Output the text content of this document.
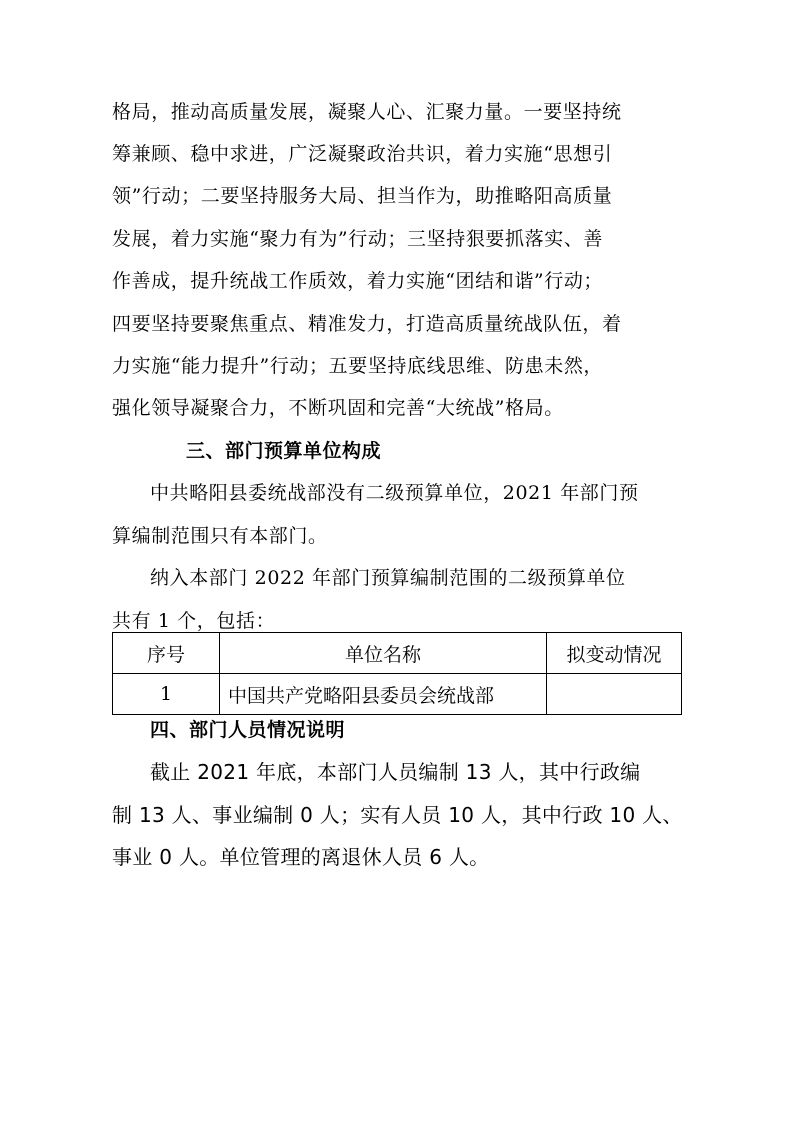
格局，推动高质量发展，凝聚人心、汇聚力量。一要坚持统
筹兼顾、稳中求进，广泛凝聚政治共识，着力实施“思想引
领”行动；二要坚持服务大局、担当作为，助推略阳高质量
发展，着力实施“聚力有为”行动；三坚持狠要抓落实、善
作善成，提升统战工作质效，着力实施“团结和谐”行动；
四要坚持要聚焦重点、精准发力，打造高质量统战队伍，着
力实施“能力提升”行动；五要坚持底线思维、防患未然，
强化领导凝聚合力，不断巩固和完善“大统战”格局。
三、部门预算单位构成
中共略阳县委统战部没有二级预算单位，2021 年部门预
算编制范围只有本部门。
纳入本部门 2022 年部门预算编制范围的二级预算单位
共有 1 个，包括：
序号	单位名称	拟变动情况
1	中国共产党略阳县委员会统战部	
四、部门人员情况说明
截止 2021 年底，本部门人员编制 13 人，其中行政编
制 13 人、事业编制 0 人；实有人员 10 人，其中行政 10 人、
事业 0 人。单位管理的离退休人员 6 人。
